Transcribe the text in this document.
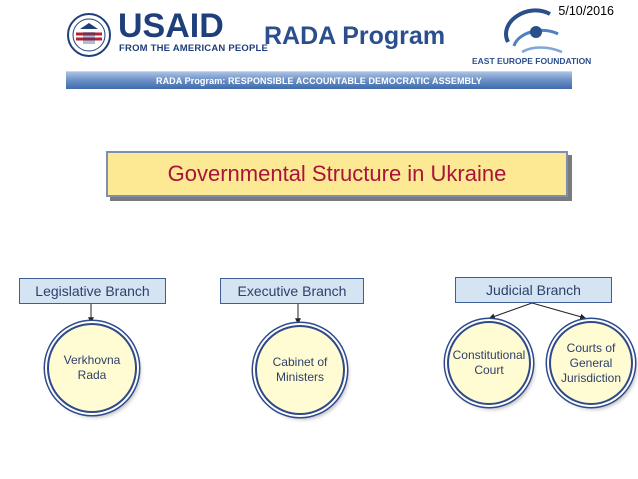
USAID
FROM THE AMERICAN PEOPLE
RADA Program
EAST EUROPE FOUNDATION
5/10/2016
RADA Program: RESPONSIBLE ACCOUNTABLE DEMOCRATIC ASSEMBLY
Governmental Structure in Ukraine
Legislative Branch	Executive Branch	Judicial Branch
Verkhovna
Rada
Cabinet of
Ministers
Constitutional
Court
Courts of
General
Jurisdiction
